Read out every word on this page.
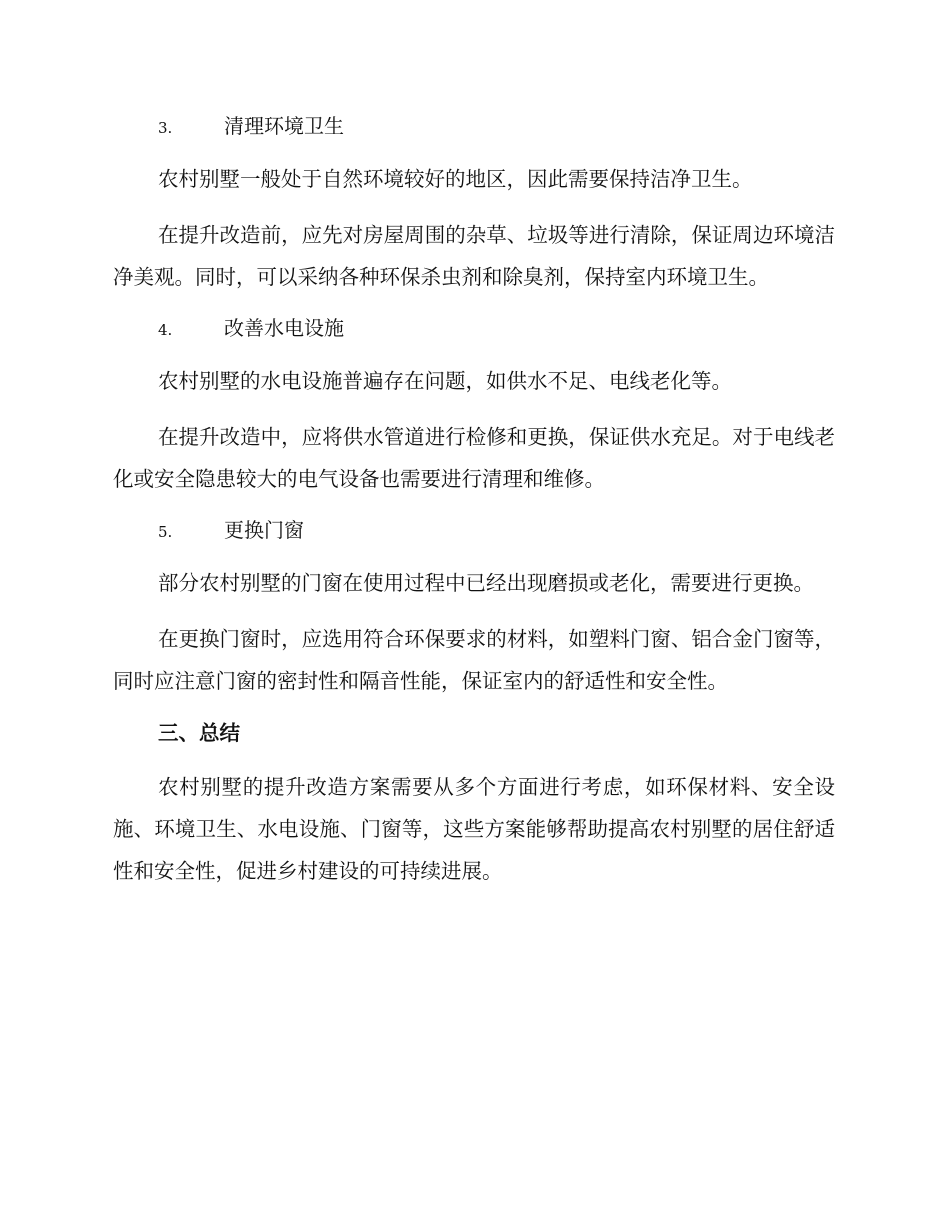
3.	清理环境卫生

农村别墅一般处于自然环境较好的地区，因此需要保持洁净卫生。

在提升改造前，应先对房屋周围的杂草、垃圾等进行清除，保证周边环境洁净美观。同时，可以采纳各种环保杀虫剂和除臭剂，保持室内环境卫生。

4.	改善水电设施

农村别墅的水电设施普遍存在问题，如供水不足、电线老化等。

在提升改造中，应将供水管道进行检修和更换，保证供水充足。对于电线老化或安全隐患较大的电气设备也需要进行清理和维修。

5.	更换门窗

部分农村别墅的门窗在使用过程中已经出现磨损或老化，需要进行更换。

在更换门窗时，应选用符合环保要求的材料，如塑料门窗、铝合金门窗等，同时应注意门窗的密封性和隔音性能，保证室内的舒适性和安全性。

三、总结

农村别墅的提升改造方案需要从多个方面进行考虑，如环保材料、安全设施、环境卫生、水电设施、门窗等，这些方案能够帮助提高农村别墅的居住舒适性和安全性，促进乡村建设的可持续进展。
